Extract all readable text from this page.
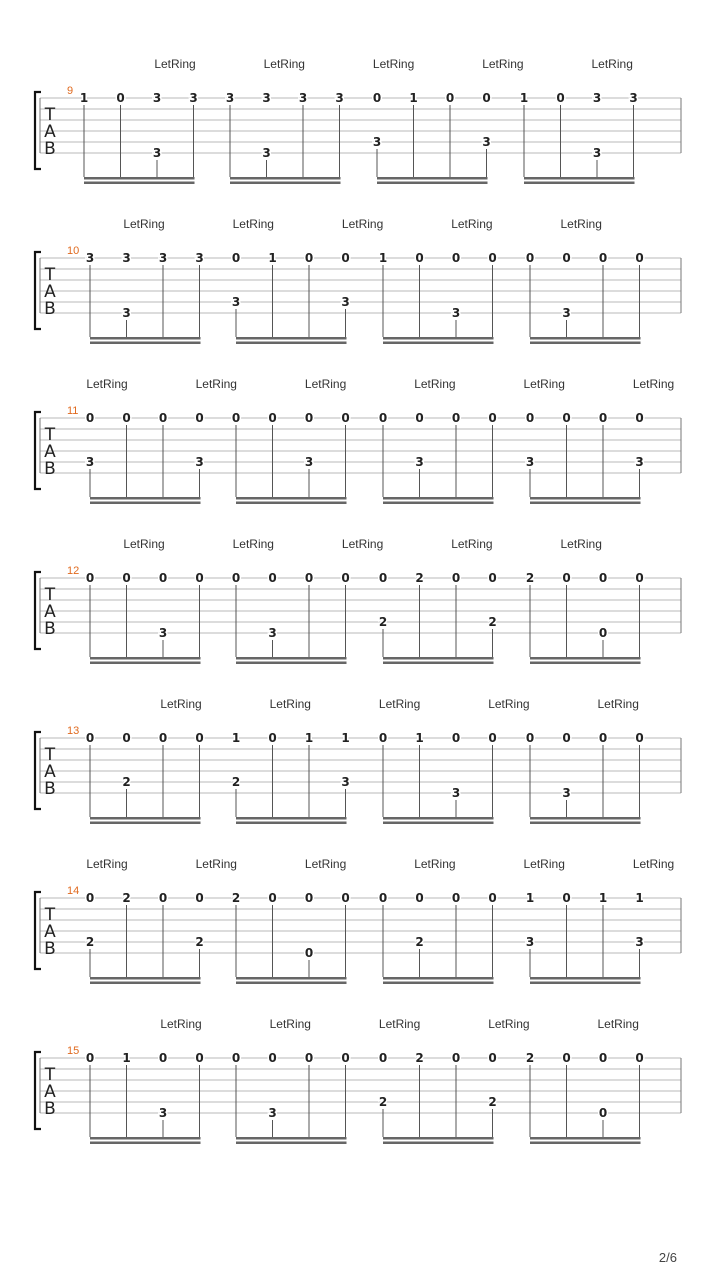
LetRing	LetRing	LetRing	LetRing	LetRing
9
T
A
B
1 0 3
3
3 3 3
3
3 3 0
3
1 0 0
3
1 0 3
3
3
LetRing	LetRing	LetRing	LetRing	LetRing
10
T
A
B
3 3
3
3 3 0
3
1 0 0
3
1 0 0
3
0 0 0
3
0 0
LetRing	LetRing	LetRing	LetRing	LetRing	LetRing
11
T
A
B
0
3
0 0 0
3
0 0 0
3
0 0 0
3
0 0 0
3
0 0 0
3
LetRing	LetRing	LetRing	LetRing	LetRing
12
T
A
B
0 0 0
3
0 0 0
3
0 0 0
2
2 0 0
2
2 0 0
0
0
LetRing	LetRing	LetRing	LetRing	LetRing
13
T
A
B
0 0
2
0 0 1
2
0 1 1
3
0 1 0
3
0 0 0
3
0 0
LetRing	LetRing	LetRing	LetRing	LetRing	LetRing
14
T
A
B
0
2
2 0 0
2
2 0 0
0
0 0 0
2
0 0 1
3
0 1 1
3
LetRing	LetRing	LetRing	LetRing	LetRing
15
T
A
B
0 1 0
3
0 0 0
3
0 0 0
2
2 0 0
2
2 0 0
0
0
2/6
